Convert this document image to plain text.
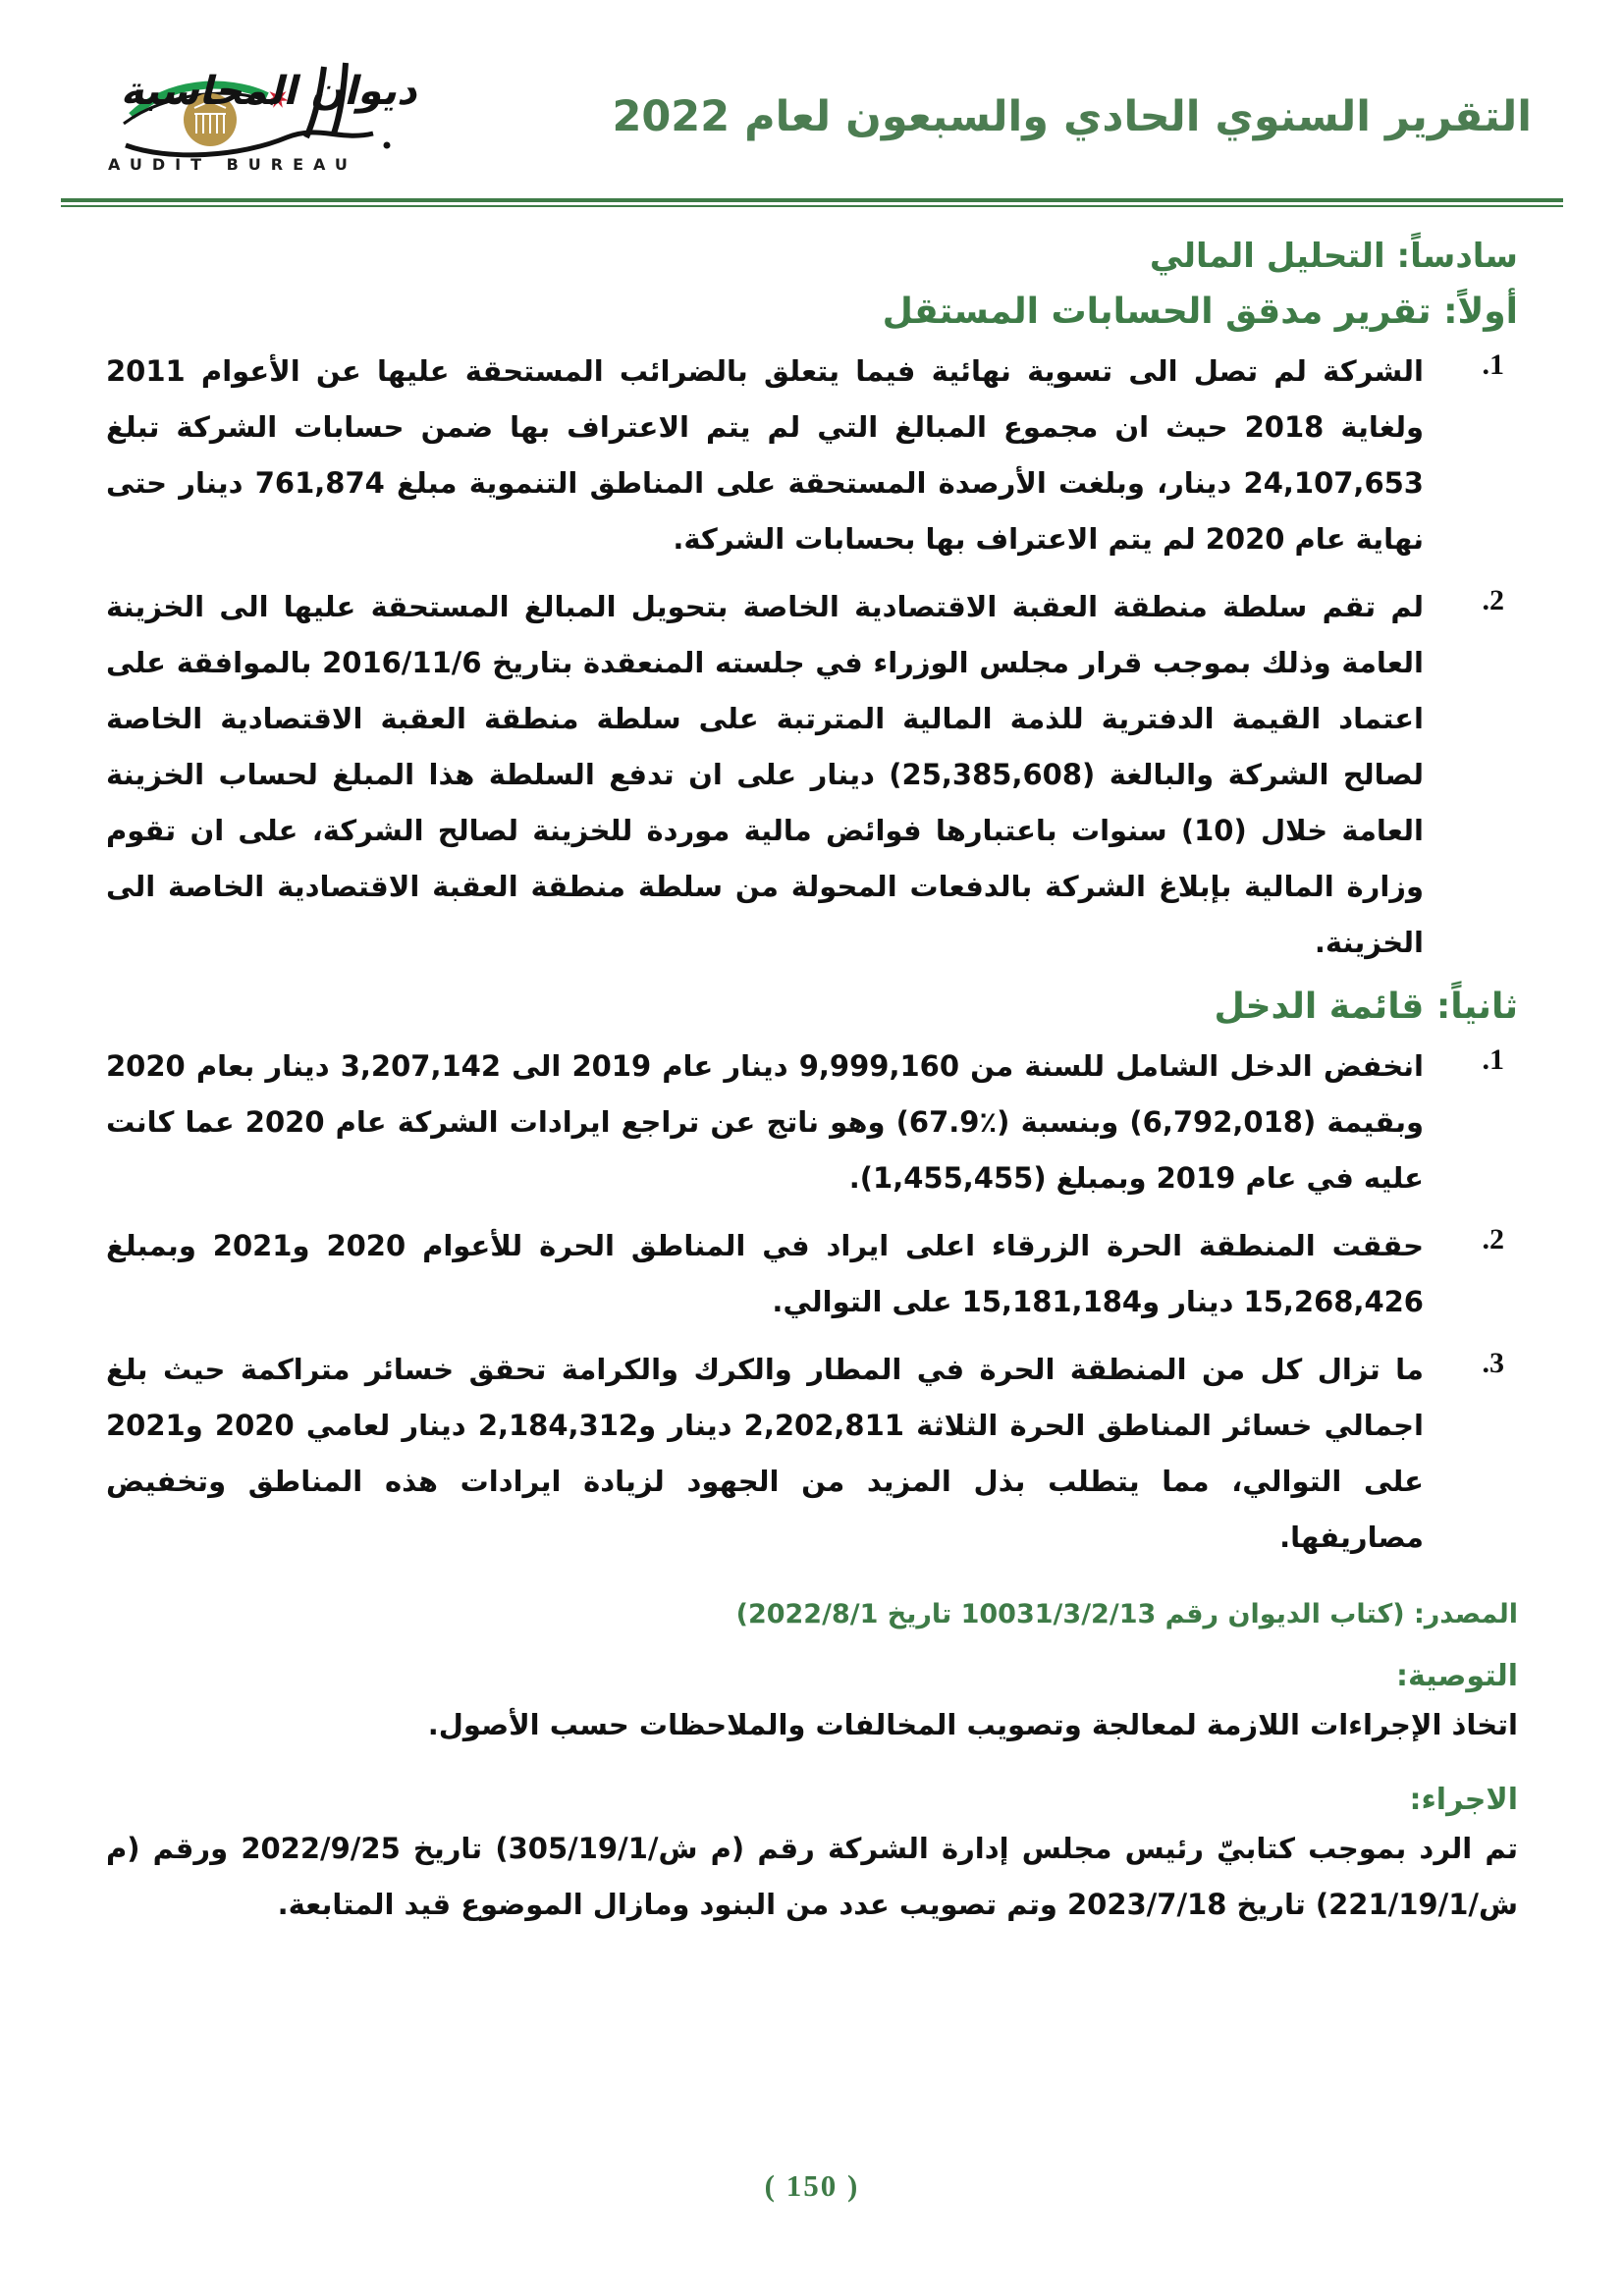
ديوان المحاسبة
AUDIT BUREAU
التقرير السنوي الحادي والسبعون لعام 2022
سادساً: التحليل المالي
أولاً: تقرير مدقق الحسابات المستقل
1.

الشركة لم تصل الى تسوية نهائية فيما يتعلق بالضرائب المستحقة عليها عن الأعوام 2011 ولغاية 2018 حيث ان مجموع المبالغ التي لم يتم الاعتراف بها ضمن حسابات الشركة تبلغ 24,107,653 دينار، وبلغت الأرصدة المستحقة على المناطق التنموية مبلغ 761,874 دينار حتى نهاية عام 2020 لم يتم الاعتراف بها بحسابات الشركة.

2.

لم تقم سلطة منطقة العقبة الاقتصادية الخاصة بتحويل المبالغ المستحقة عليها الى الخزينة العامة وذلك بموجب قرار مجلس الوزراء في جلسته المنعقدة بتاريخ 2016/11/6 بالموافقة على اعتماد القيمة الدفترية للذمة المالية المترتبة على سلطة منطقة العقبة الاقتصادية الخاصة لصالح الشركة والبالغة (25,385,608) دينار على ان تدفع السلطة هذا المبلغ لحساب الخزينة العامة خلال (10) سنوات باعتبارها فوائض مالية موردة للخزينة لصالح الشركة، على ان تقوم وزارة المالية بإبلاغ الشركة بالدفعات المحولة من سلطة منطقة العقبة الاقتصادية الخاصة الى الخزينة.

ثانياً: قائمة الدخل
1.

انخفض الدخل الشامل للسنة من 9,999,160 دينار عام 2019 الى 3,207,142 دينار بعام 2020 وبقيمة (6,792,018) وبنسبة (٪67.9) وهو ناتج عن تراجع ايرادات الشركة عام 2020 عما كانت عليه في عام 2019 وبمبلغ (1,455,455).

2.

حققت المنطقة الحرة الزرقاء اعلى ايراد في المناطق الحرة للأعوام 2020 و2021 وبمبلغ 15,268,426 دينار و15,181,184 على التوالي.

3.

ما تزال كل من المنطقة الحرة في المطار والكرك والكرامة تحقق خسائر متراكمة حيث بلغ اجمالي خسائر المناطق الحرة الثلاثة 2,202,811 دينار و2,184,312 دينار لعامي 2020 و2021 على التوالي، مما يتطلب بذل المزيد من الجهود لزيادة ايرادات هذه المناطق وتخفيض مصاريفها.

المصدر: (كتاب الديوان رقم 10031/3/2/13 تاريخ 2022/8/1)
التوصية:

اتخاذ الإجراءات اللازمة لمعالجة وتصويب المخالفات والملاحظات حسب الأصول.

الاجراء:

تم الرد بموجب كتابيّ رئيس مجلس إدارة الشركة رقم (م ش/305/19/1) تاريخ 2022/9/25 ورقم (م ش/221/19/1) تاريخ 2023/7/18 وتم تصويب عدد من البنود ومازال الموضوع قيد المتابعة.

( 150 )
